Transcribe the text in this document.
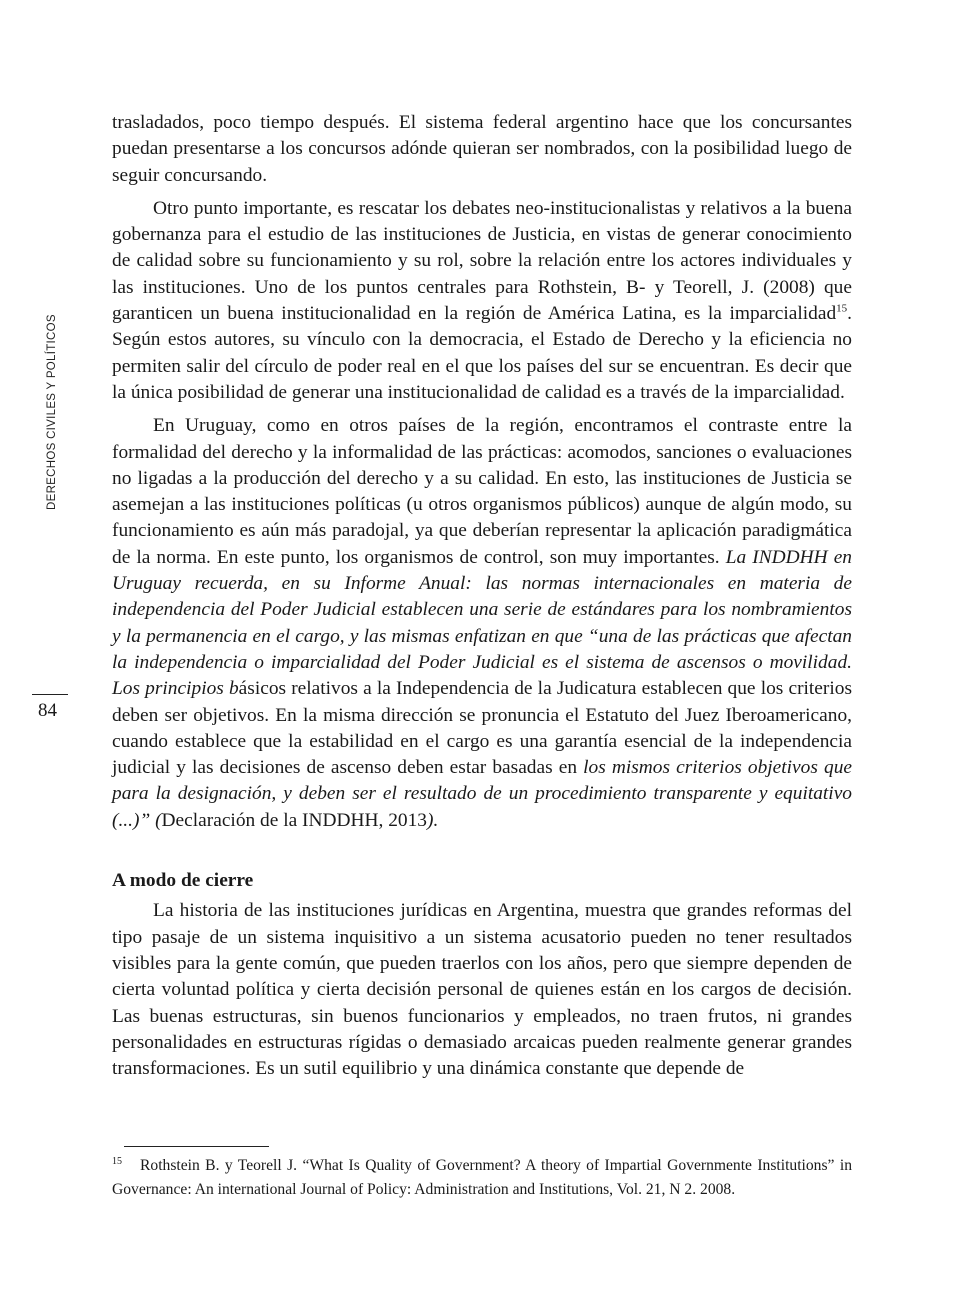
DERECHOS CIVILES Y POLÍTICOS
84

trasladados, poco tiempo después. El sistema federal argentino hace que los concursantes puedan presentarse a los concursos adónde quieran ser nombrados, con la posibilidad luego de seguir concursando.

Otro punto importante, es rescatar los debates neo-institucionalistas y relativos a la buena gobernanza para el estudio de las instituciones de Justicia, en vistas de generar conocimiento de calidad sobre su funcionamiento y su rol, sobre la relación entre los actores individuales y las instituciones. Uno de los puntos centrales para Rothstein, B- y Teorell, J. (2008) que garanticen un buena institucionalidad en la región de América Latina, es la imparcialidad$^{15}$. Según estos autores, su vínculo con la democracia, el Estado de Derecho y la eficiencia no permiten salir del círculo de poder real en el que los países del sur se encuentran. Es decir que la única posibilidad de generar una institucionalidad de calidad es a través de la imparcialidad.

En Uruguay, como en otros países de la región, encontramos el contraste entre la formalidad del derecho y la informalidad de las prácticas: acomodos, sanciones o evaluaciones no ligadas a la producción del derecho y a su calidad. En esto, las instituciones de Justicia se asemejan a las instituciones políticas (u otros organismos públicos) aunque de algún modo, su funcionamiento es aún más paradojal, ya que deberían representar la aplicación paradigmática de la norma. En este punto, los organismos de control, son muy importantes. La INDDHH en Uruguay recuerda, en su Informe Anual: las normas internacionales en materia de independencia del Poder Judicial establecen una serie de estándares para los nombramientos y la permanencia en el cargo, y las mismas enfatizan en que “una de las prácticas que afectan la independencia o imparcialidad del Poder Judicial es el sistema de ascensos o movilidad. Los principios básicos relativos a la Independencia de la Judicatura establecen que los criterios deben ser objetivos. En la misma dirección se pronuncia el Estatuto del Juez Iberoamericano, cuando establece que la estabilidad en el cargo es una garantía esencial de la independencia judicial y las decisiones de ascenso deben estar basadas en los mismos criterios objetivos que para la designación, y deben ser el resultado de un procedimiento transparente y equitativo (...)” (Declaración de la INDDHH, 2013).

A modo de cierre

La historia de las instituciones jurídicas en Argentina, muestra que grandes reformas del tipo pasaje de un sistema inquisitivo a un sistema acusatorio pueden no tener resultados visibles para la gente común, que pueden traerlos con los años, pero que siempre dependen de cierta voluntad política y cierta decisión personal de quienes están en los cargos de decisión. Las buenas estructuras, sin buenos funcionarios y empleados, no traen frutos, ni grandes personalidades en estructuras rígidas o demasiado arcaicas pueden realmente generar grandes transformaciones. Es un sutil equilibrio y una dinámica constante que depende de

$^{15}$ Rothstein B. y Teorell J. “What Is Quality of Government? A theory of Impartial Governmente Institutions” in Governance: An international Journal of Policy: Administration and Institutions, Vol. 21, N 2. 2008.
